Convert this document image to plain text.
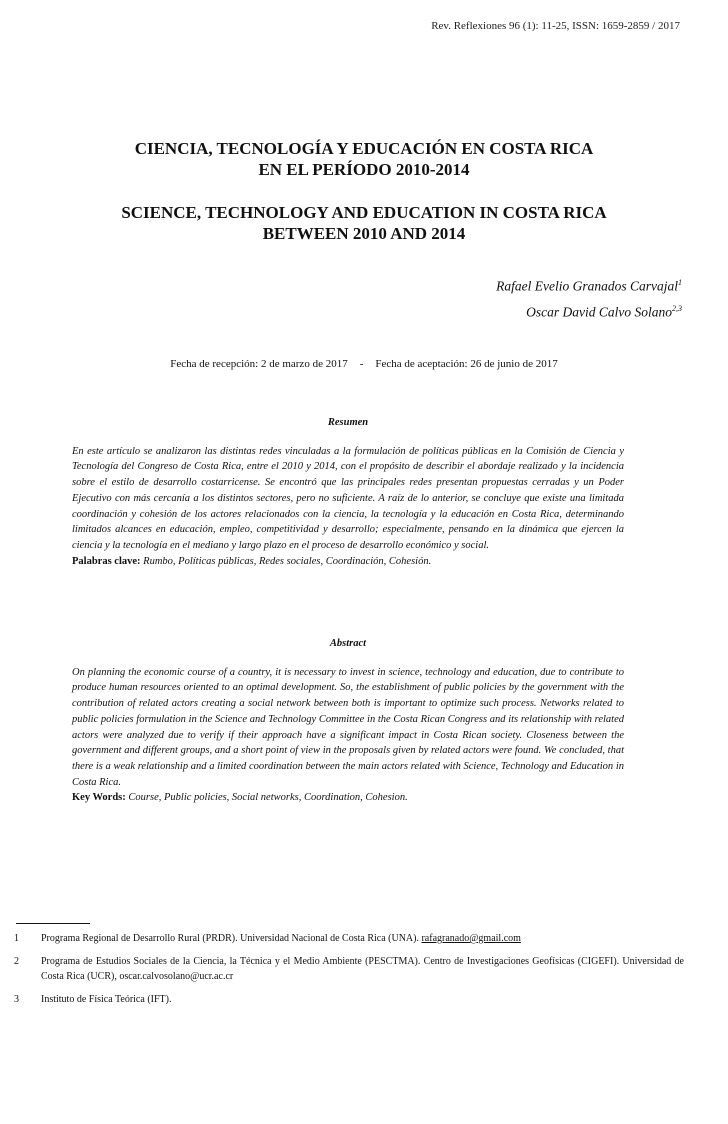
Rev. Reflexiones 96 (1): 11-25, ISSN: 1659-2859 / 2017
CIENCIA, TECNOLOGÍA Y EDUCACIÓN EN COSTA RICA
EN EL PERÍODO 2010-2014
SCIENCE, TECHNOLOGY AND EDUCATION IN COSTA RICA
BETWEEN 2010 AND 2014
Rafael Evelio Granados Carvajal$^1$
Oscar David Calvo Solano$^{2,3}$
Fecha de recepción: 2 de marzo de 2017 - Fecha de aceptación: 26 de junio de 2017

Resumen

En este artículo se analizaron las distintas redes vinculadas a la formulación de políticas públicas en la Comisión de Ciencia y Tecnología del Congreso de Costa Rica, entre el 2010 y 2014, con el propósito de describir el abordaje realizado y la incidencia sobre el estilo de desarrollo costarricense. Se encontró que las principales redes presentan propuestas cerradas y un Poder Ejecutivo con más cercanía a los distintos sectores, pero no suficiente. A raíz de lo anterior, se concluye que existe una limitada coordinación y cohesión de los actores relacionados con la ciencia, la tecnología y la educación en Costa Rica, determinando limitados alcances en educación, empleo, competitividad y desarrollo; especialmente, pensando en la dinámica que ejercen la ciencia y la tecnología en el mediano y largo plazo en el proceso de desarrollo económico y social.

Palabras clave: Rumbo, Políticas públicas, Redes sociales, Coordinación, Cohesión.

Abstract

On planning the economic course of a country, it is necessary to invest in science, technology and education, due to contribute to produce human resources oriented to an optimal development. So, the establishment of public policies by the government with the contribution of related actors creating a social network between both is important to optimize such process. Networks related to public policies formulation in the Science and Technology Committee in the Costa Rican Congress and its relationship with related actors were analyzed due to verify if their approach have a significant impact in Costa Rican society. Closeness between the government and different groups, and a short point of view in the proposals given by related actors were found. We concluded, that there is a weak relationship and a limited coordination between the main actors related with Science, Technology and Education in Costa Rica.

Key Words: Course, Public policies, Social networks, Coordination, Cohesion.

1	Programa Regional de Desarrollo Rural (PRDR). Universidad Nacional de Costa Rica (UNA). rafagranado@gmail.com
2	Programa de Estudios Sociales de la Ciencia, la Técnica y el Medio Ambiente (PESCTMA). Centro de Investigaciones Geofísicas (CIGEFI). Universidad de Costa Rica (UCR), oscar.calvosolano@ucr.ac.cr
3	Instituto de Física Teórica (IFT).
